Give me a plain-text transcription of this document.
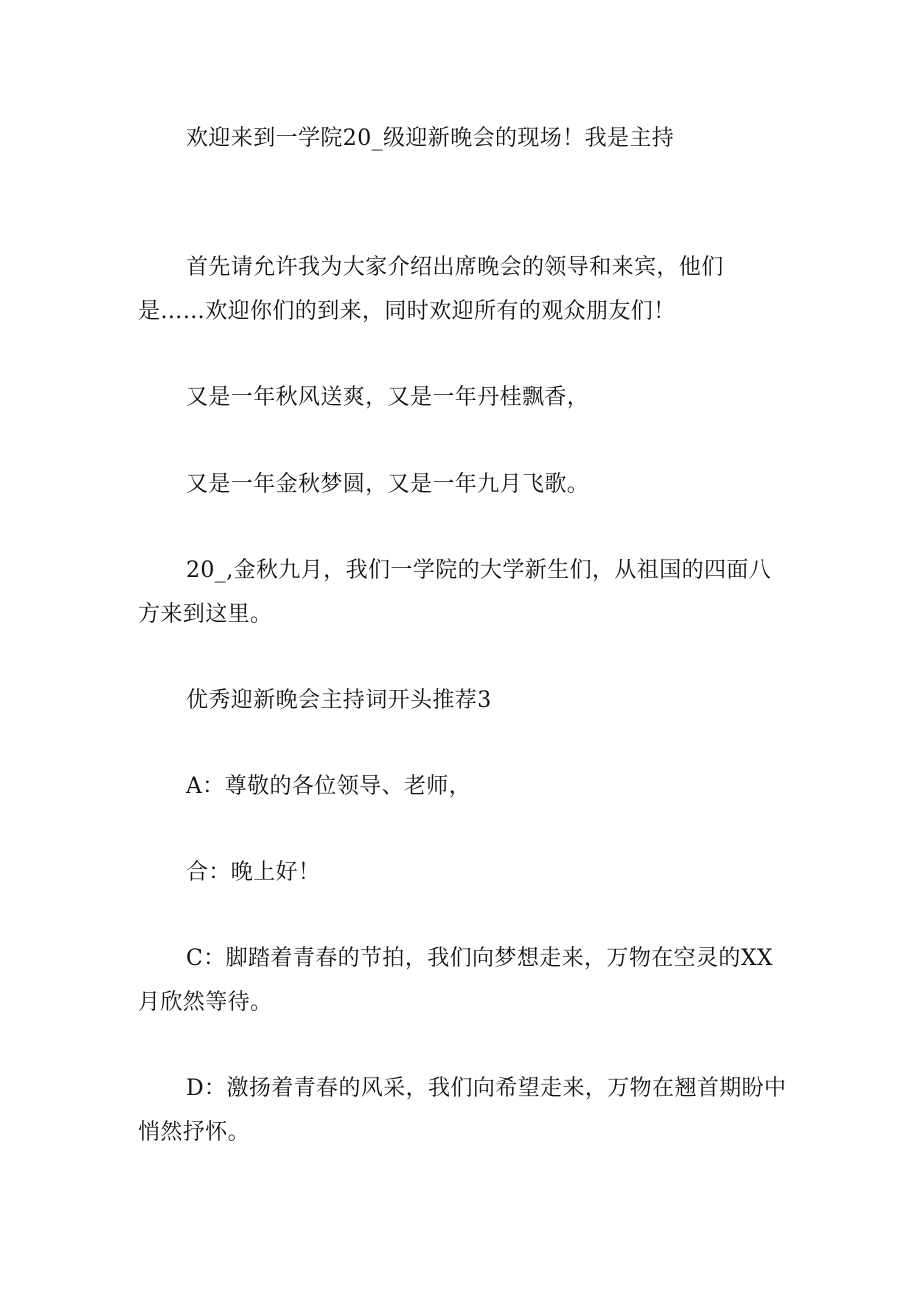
欢迎来到一学院20_级迎新晚会的现场！我是主持

首先请允许我为大家介绍出席晚会的领导和来宾，他们是……欢迎你们的到来，同时欢迎所有的观众朋友们！

又是一年秋风送爽，又是一年丹桂飘香，

又是一年金秋梦圆，又是一年九月飞歌。

20_,金秋九月，我们一学院的大学新生们，从祖国的四面八方来到这里。

优秀迎新晚会主持词开头推荐3

A：尊敬的各位领导、老师，

合：晚上好！

C：脚踏着青春的节拍，我们向梦想走来，万物在空灵的XX月欣然等待。

D：激扬着青春的风采，我们向希望走来，万物在翘首期盼中悄然抒怀。
